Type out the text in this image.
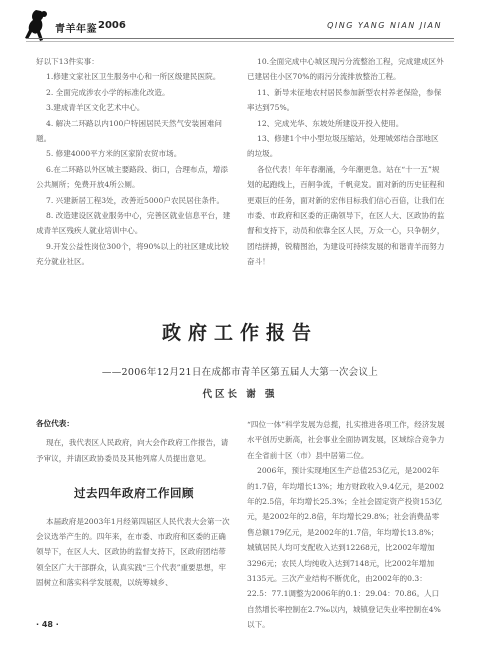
青羊年鉴 2006	QING YANG NIAN JIAN

好以下13件实事：

1.修建文家社区卫生服务中心和一所区级建民医院。

2. 全面完成涉农小学的标准化改造。

3.建成青羊区文化艺术中心。

4. 解决二环路以内100户特困居民天然气安装困难问题。

5. 修建4000平方米的区家阶农贸市场。

6.在二环路以外区城主要路段、街口，合理布点，增添公共厕所；免费开放4所公厕。

7. 兴建新居工程3处，改善近5000户农民居住条件。

8. 改造建设区就业服务中心，完善区就业信息平台，建成青羊区残疾人就业培训中心。

9.开发公益性岗位300个，将90%以上的社区建成比较充分就业社区。

10.全面完成中心城区现污分流整治工程，完成建成区外已建居住小区70%的雨污分流排放整治工程。

11、新导未征地农村居民参加新型农村养老保险，参保率达到75%。

12、完成光华、东坡处所建设开投入使用。

13、修建1个中小型垃圾压缩站，处理城郊结合部地区的垃圾。

各位代表！年年春潮涌，今年潮更急。站在“十一五”规划的起跑线上，百舸争流，千帆竞发。面对新的历史征程和更艰巨的任务，面对新的宏伟目标我们信心百倍，让我们在市委、市政府和区委的正确领导下，在区人大、区政协的监督和支持下，动员和依靠全区人民，万众一心，只争朝夕，团结拼搏，锐精图治，为建设可持续发展的和谐青羊而努力奋斗！

政府工作报告
——2006年12月21日在成都市青羊区第五届人大第一次会议上
代区长 谢 强

各位代表：

现在，我代表区人民政府，向大会作政府工作报告，请予审议，并请区政协委员及其他列席人员提出意见。

过去四年政府工作回顾

本届政府是2003年1月经第四届区人民代表大会第一次会议选举产生的。四年来，在市委、市政府和区委的正确领导下，在区人大、区政协的监督支持下，区政府团结带领全区广大干部群众，认真实践“三个代表”重要思想，牢固树立和落实科学发展观，以统筹城乡、

“四位一体”科学发展为总揽，扎实推进各项工作，经济发展水平创历史新高，社会事业全面协调发展，区域综合竞争力在全省前十区（市）县中居第二位。

2006年，预计实现地区生产总值253亿元，是2002年的1.7倍，年均增长13%；地方财政收入9.4亿元，是2002年的2.5倍，年均增长25.3%；全社会固定资产投资153亿元，是2002年的2.8倍，年均增长29.8%；社会消费品零售总额179亿元，是2002年的1.7倍，年均增长13.8%；城镇居民人均可支配收入达到12268元，比2002年增加3296元；农民人均纯收入达到7148元，比2002年增加3135元。三次产业结构不断优化，由2002年的0.3：22.5：77.1调整为2006年的0.1：29.04：70.86。人口自然增长率控制在2.7‰以内，城镇登记失业率控制在4%以下。

· 48 ·
